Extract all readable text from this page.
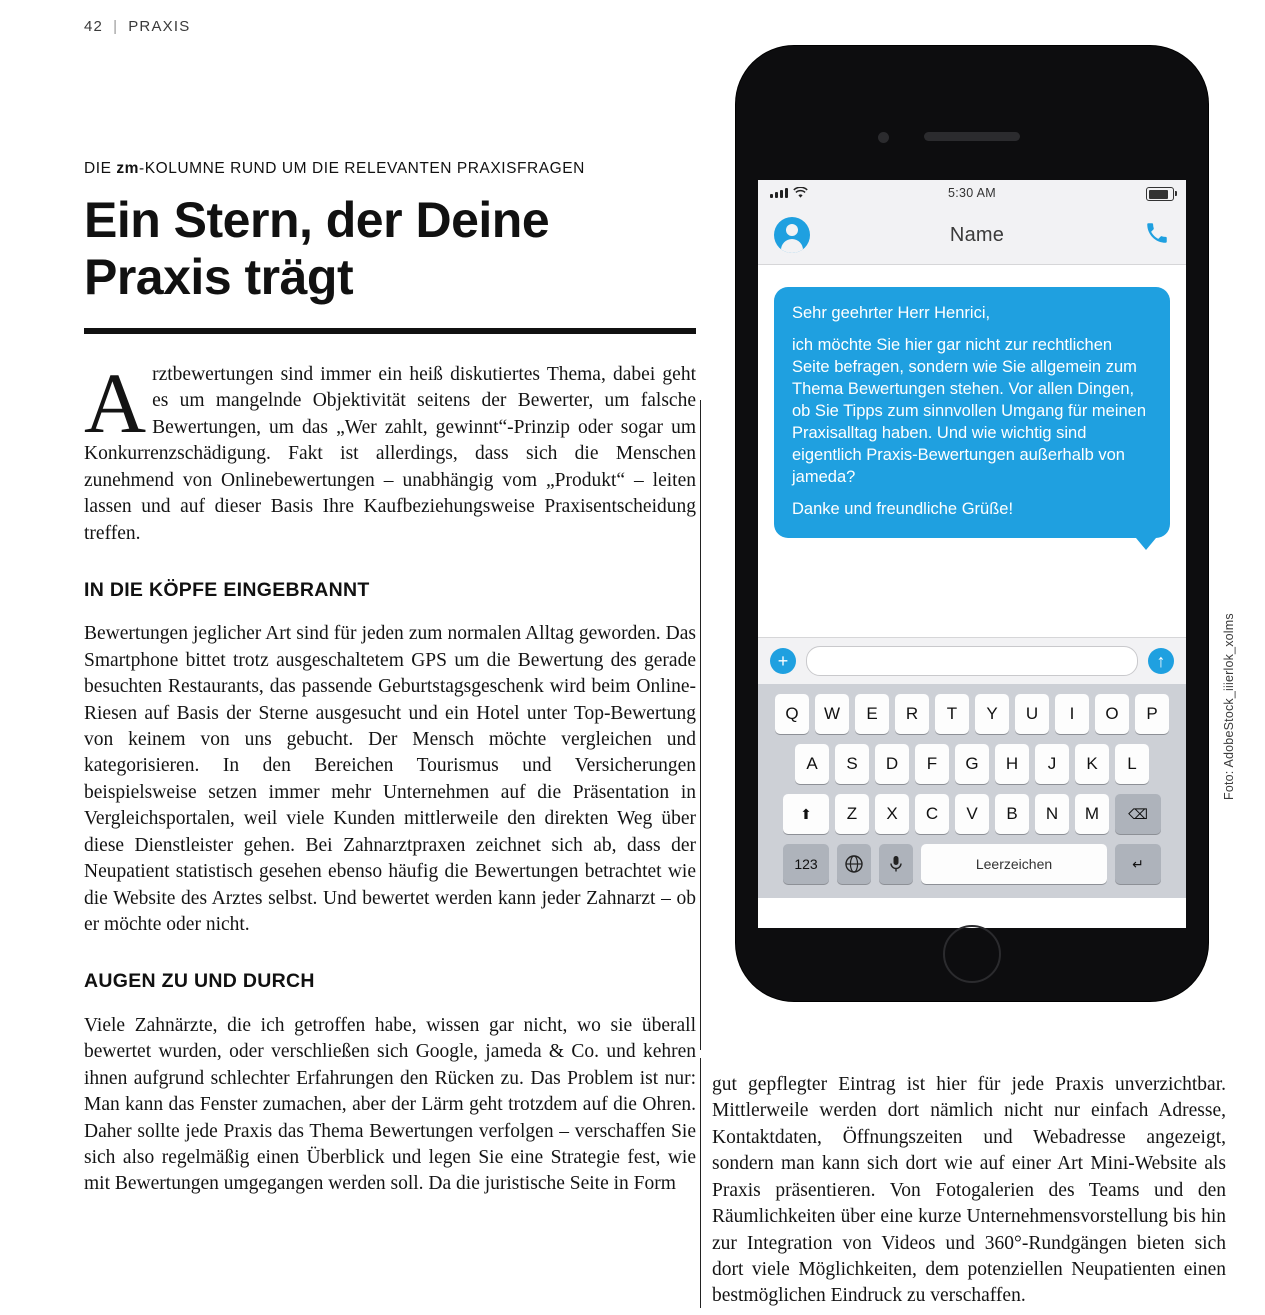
42 | PRAXIS
DIE zm-KOLUMNE RUND UM DIE RELEVANTEN PRAXISFRAGEN
Ein Stern, der Deine
Praxis trägt

Arztbewertungen sind immer ein heiß diskutiertes Thema, dabei geht es um mangelnde Objektivität seitens der Bewerter, um falsche Bewertungen, um das „Wer zahlt, gewinnt“-Prinzip oder sogar um Konkurrenzschädigung. Fakt ist allerdings, dass sich die Menschen zunehmend von Onlinebewertungen – unabhängig vom „Produkt“ – leiten lassen und auf dieser Basis Ihre Kaufbeziehungsweise Praxisentscheidung treffen.

IN DIE KÖPFE EINGEBRANNT

Bewertungen jeglicher Art sind für jeden zum normalen Alltag geworden. Das Smartphone bittet trotz ausgeschaltetem GPS um die Bewertung des gerade besuchten Restaurants, das passende Geburtstagsgeschenk wird beim Online-Riesen auf Basis der Sterne ausgesucht und ein Hotel unter Top-Bewertung von keinem von uns gebucht. Der Mensch möchte vergleichen und kategorisieren. In den Bereichen Tourismus und Versicherungen beispielsweise setzen immer mehr Unternehmen auf die Präsentation in Vergleichsportalen, weil viele Kunden mittlerweile den direkten Weg über diese Dienstleister gehen. Bei Zahnarztpraxen zeichnet sich ab, dass der Neupatient statistisch gesehen ebenso häufig die Bewertungen betrachtet wie die Website des Arztes selbst. Und bewertet werden kann jeder Zahnarzt – ob er möchte oder nicht.

AUGEN ZU UND DURCH

Viele Zahnärzte, die ich getroffen habe, wissen gar nicht, wo sie überall bewertet wurden, oder verschließen sich Google, jameda & Co. und kehren ihnen aufgrund schlechter Erfahrungen den Rücken zu. Das Problem ist nur: Man kann das Fenster zumachen, aber der Lärm geht trotzdem auf die Ohren. Daher sollte jede Praxis das Thema Bewertungen verfolgen – verschaffen Sie sich also regelmäßig einen Überblick und legen Sie eine Strategie fest, wie mit Bewertungen umgegangen werden soll. Da die juristische Seite in Form

gut gepflegter Eintrag ist hier für jede Praxis unverzichtbar. Mittlerweile werden dort nämlich nicht nur einfach Adresse, Kontaktdaten, Öffnungszeiten und Webadresse angezeigt, sondern man kann sich dort wie auf einer Art Mini-Website als Praxis präsentieren. Von Fotogalerien des Teams und den Räumlichkeiten über eine kurze Unternehmensvorstellung bis hin zur Integration von Videos und 360°-Rundgängen bieten sich dort viele Möglichkeiten, dem potenziellen Neupatienten einen bestmöglichen Eindruck zu verschaffen.

Foto: AdobeStock_iiierlok_xolms
5:30 AM
Name

Sehr geehrter Herr Henrici,

ich möchte Sie hier gar nicht zur rechtlichen Seite befragen, sondern wie Sie allgemein zum Thema Bewertungen stehen. Vor allen Dingen, ob Sie Tipps zum sinnvollen Umgang für meinen Praxisalltag haben. Und wie wichtig sind eigentlich Praxis-Bewertungen außerhalb von jameda?

Danke und freundliche Grüße!

+	↑
Q	W	E	R	T	Y	U	I	O	P
A	S	D	F	G	H	J	K	L
⬆	Z	X	C	V	B	N	M	⌫
123	Leerzeichen	↵
